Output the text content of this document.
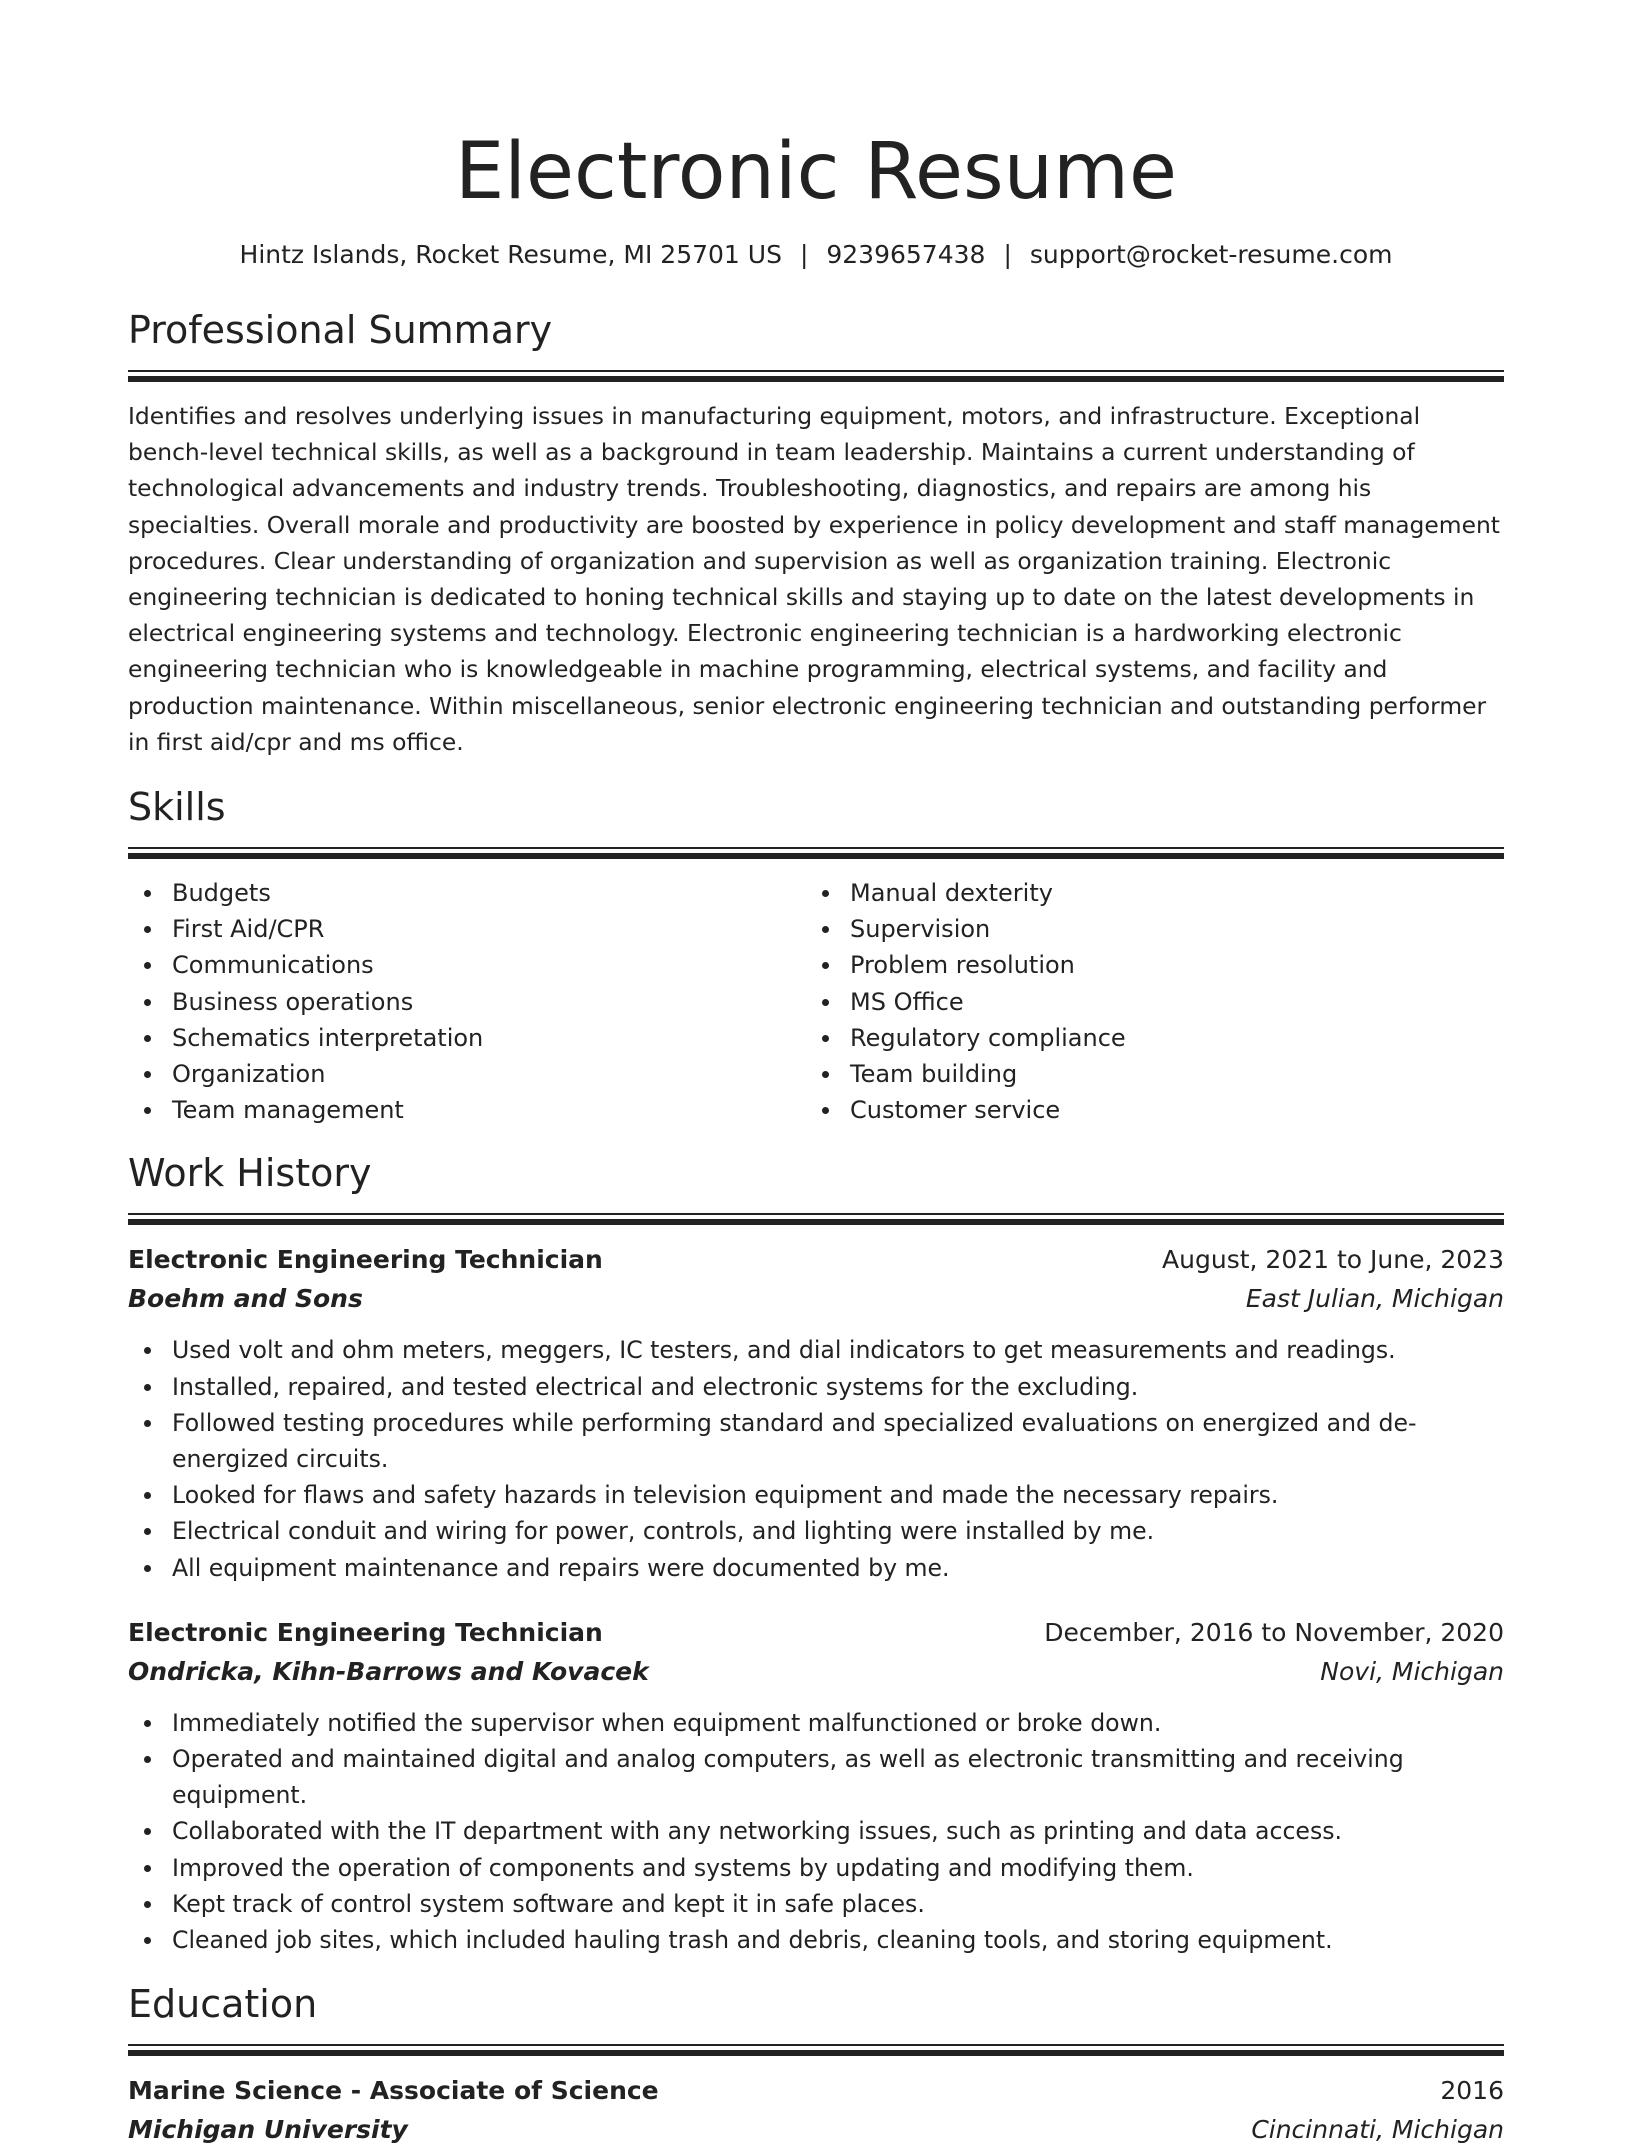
Electronic Resume
Hintz Islands, Rocket Resume, MI 25701 US | 9239657438 | support@rocket-resume.com
Professional Summary
Identifies and resolves underlying issues in manufacturing equipment, motors, and infrastructure. Exceptional bench-level technical skills, as well as a background in team leadership. Maintains a current understanding of technological advancements and industry trends. Troubleshooting, diagnostics, and repairs are among his specialties. Overall morale and productivity are boosted by experience in policy development and staff management procedures. Clear understanding of organization and supervision as well as organization training. Electronic engineering technician is dedicated to honing technical skills and staying up to date on the latest developments in electrical engineering systems and technology. Electronic engineering technician is a hardworking electronic engineering technician who is knowledgeable in machine programming, electrical systems, and facility and production maintenance. Within miscellaneous, senior electronic engineering technician and outstanding performer in first aid/cpr and ms office.
Skills
Budgets
First Aid/CPR
Communications
Business operations
Schematics interpretation
Organization
Team management
Manual dexterity
Supervision
Problem resolution
MS Office
Regulatory compliance
Team building
Customer service
Work History
Electronic Engineering Technician	August, 2021 to June, 2023
Boehm and Sons	East Julian, Michigan
Used volt and ohm meters, meggers, IC testers, and dial indicators to get measurements and readings.
Installed, repaired, and tested electrical and electronic systems for the excluding.
Followed testing procedures while performing standard and specialized evaluations on energized and de-energized circuits.
Looked for flaws and safety hazards in television equipment and made the necessary repairs.
Electrical conduit and wiring for power, controls, and lighting were installed by me.
All equipment maintenance and repairs were documented by me.
Electronic Engineering Technician	December, 2016 to November, 2020
Ondricka, Kihn-Barrows and Kovacek	Novi, Michigan
Immediately notified the supervisor when equipment malfunctioned or broke down.
Operated and maintained digital and analog computers, as well as electronic transmitting and receiving equipment.
Collaborated with the IT department with any networking issues, such as printing and data access.
Improved the operation of components and systems by updating and modifying them.
Kept track of control system software and kept it in safe places.
Cleaned job sites, which included hauling trash and debris, cleaning tools, and storing equipment.
Education
Marine Science - Associate of Science	2016
Michigan University	Cincinnati, Michigan
